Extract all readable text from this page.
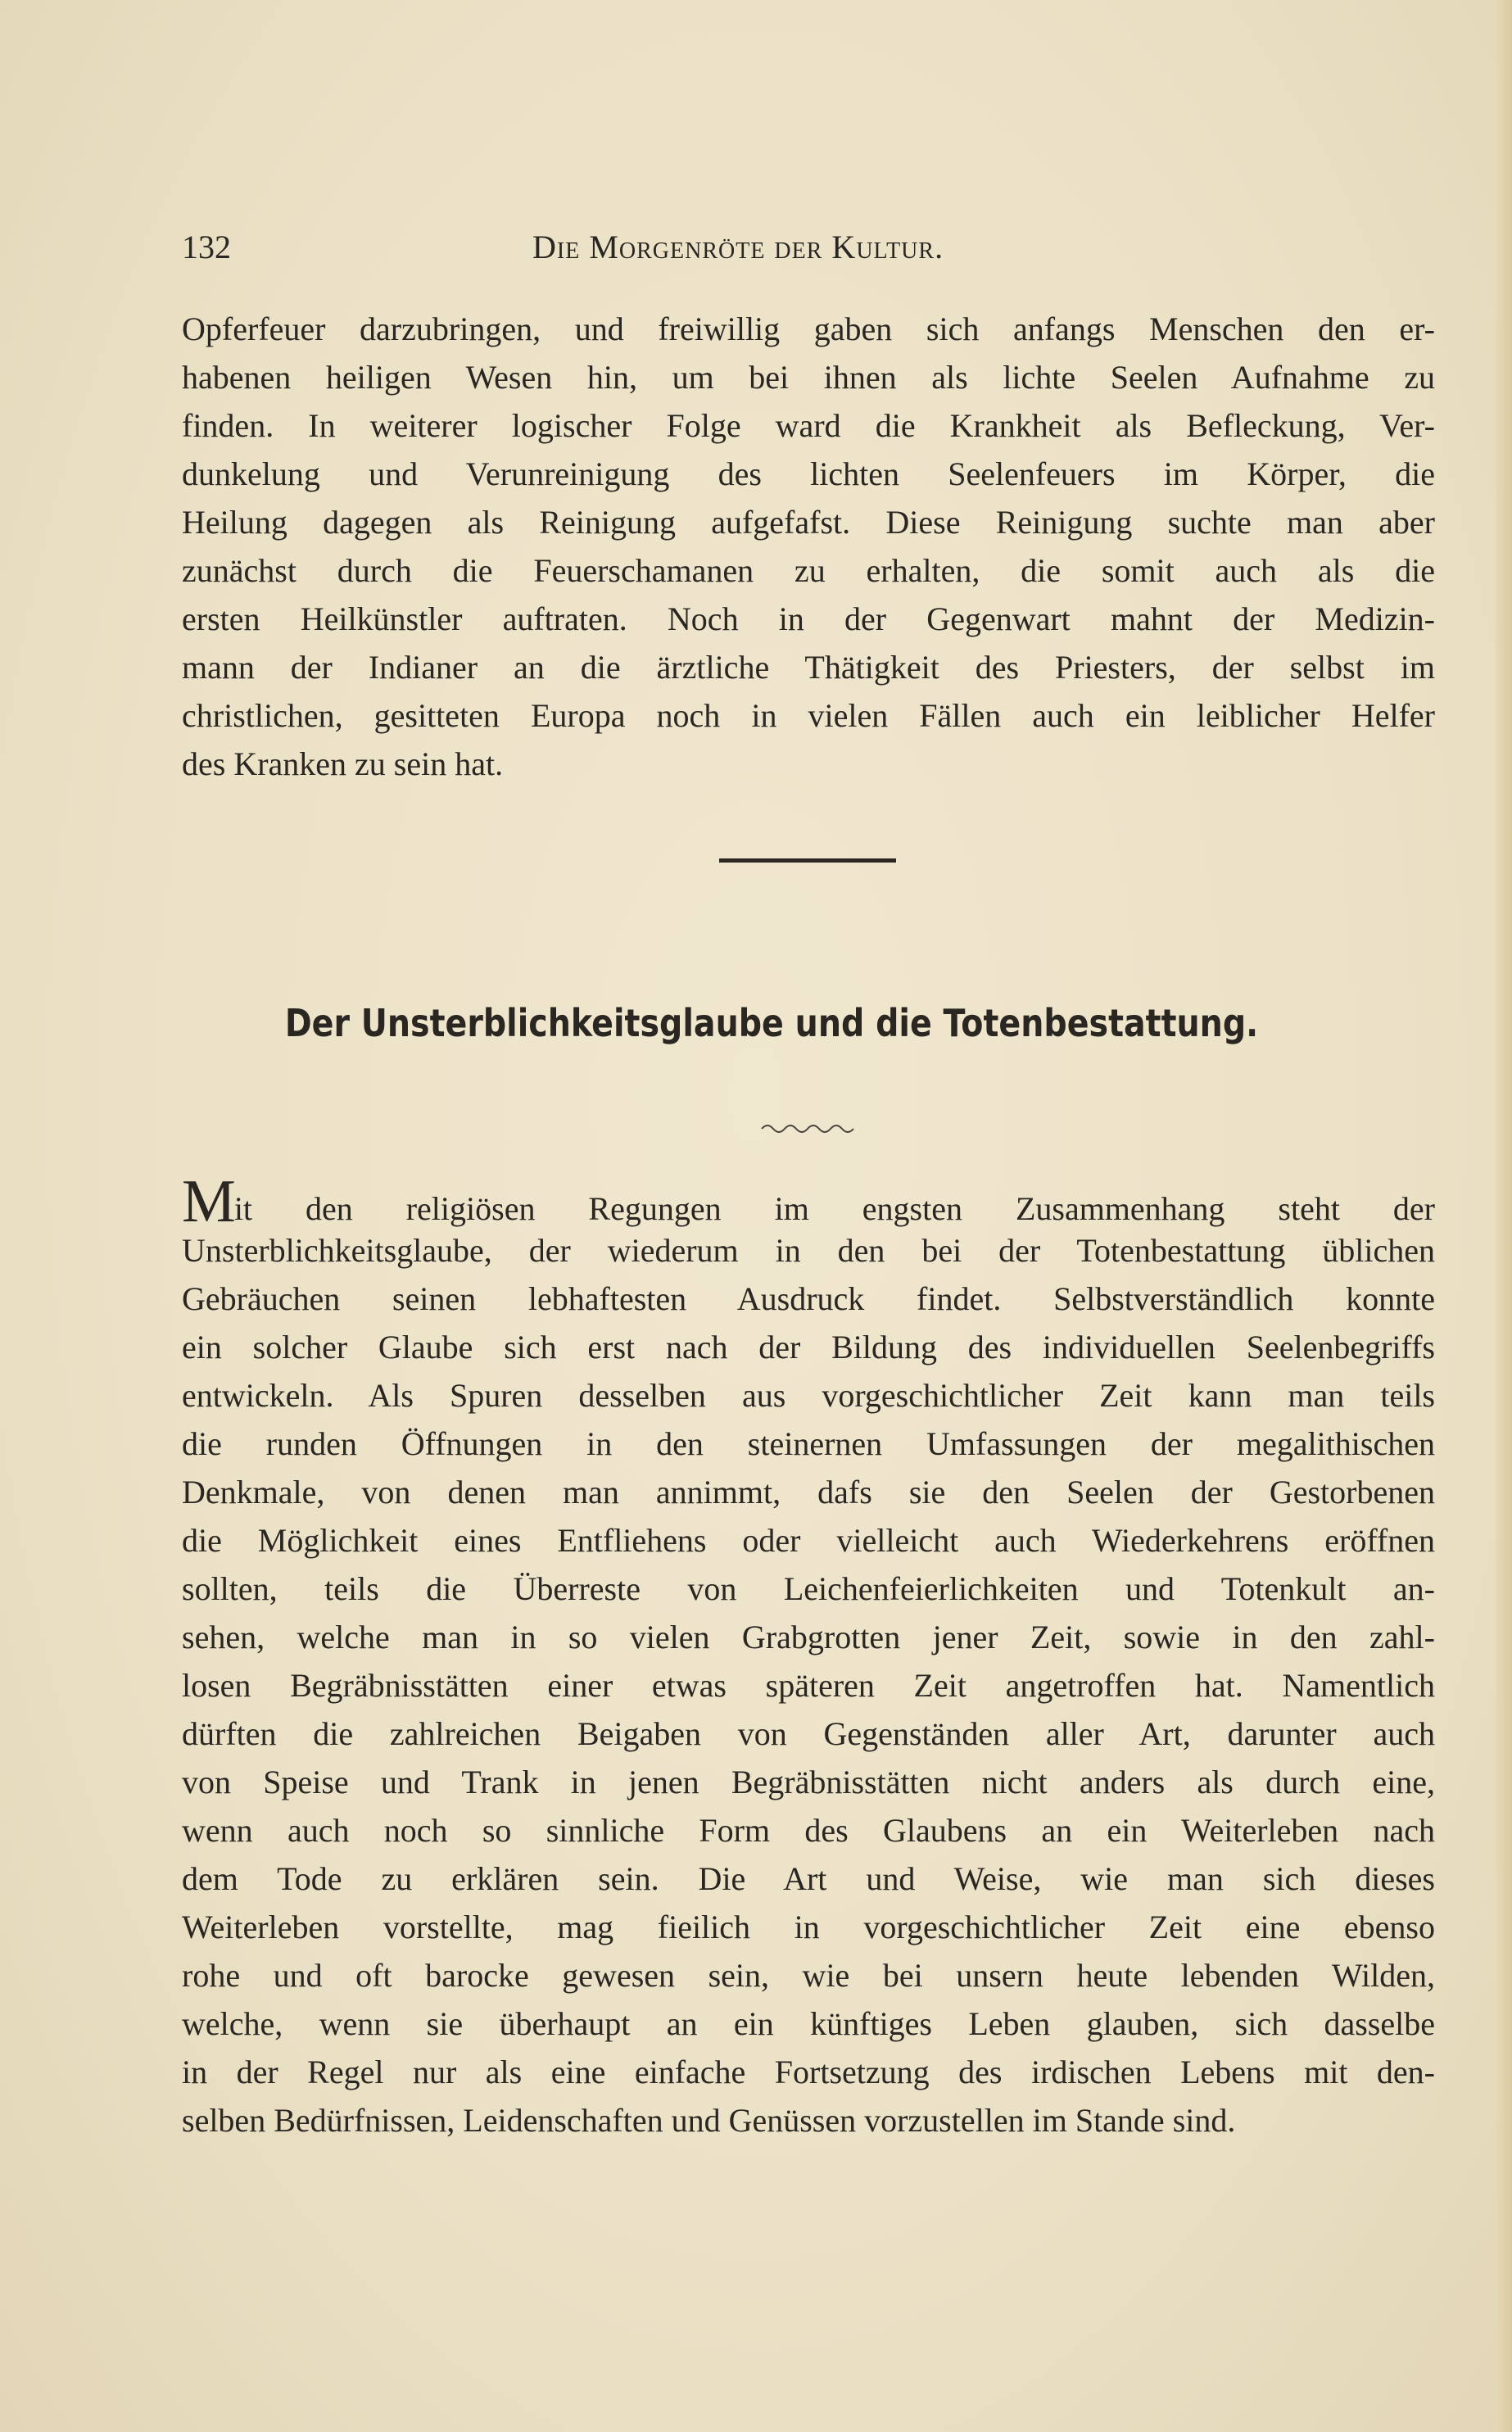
132	Die Morgenröte der Kultur.
Opferfeuer darzubringen, und freiwillig gaben sich anfangs Menschen den er-
habenen heiligen Wesen hin, um bei ihnen als lichte Seelen Aufnahme zu
finden. In weiterer logischer Folge ward die Krankheit als Befleckung, Ver-
dunkelung und Verunreinigung des lichten Seelenfeuers im Körper, die
Heilung dagegen als Reinigung aufgefafst. Diese Reinigung suchte man aber
zunächst durch die Feuerschamanen zu erhalten, die somit auch als die
ersten Heilkünstler auftraten. Noch in der Gegenwart mahnt der Medizin-
mann der Indianer an die ärztliche Thätigkeit des Priesters, der selbst im
christlichen, gesitteten Europa noch in vielen Fällen auch ein leiblicher Helfer
des Kranken zu sein hat.
Der Unsterblichkeitsglaube und die Totenbestattung.
Mit den religiösen Regungen im engsten Zusammenhang steht der
Unsterblichkeitsglaube, der wiederum in den bei der Totenbestattung üblichen
Gebräuchen seinen lebhaftesten Ausdruck findet. Selbstverständlich konnte
ein solcher Glaube sich erst nach der Bildung des individuellen Seelenbegriffs
entwickeln. Als Spuren desselben aus vorgeschichtlicher Zeit kann man teils
die runden Öffnungen in den steinernen Umfassungen der megalithischen
Denkmale, von denen man annimmt, dafs sie den Seelen der Gestorbenen
die Möglichkeit eines Entfliehens oder vielleicht auch Wiederkehrens eröffnen
sollten, teils die Überreste von Leichenfeierlichkeiten und Totenkult an-
sehen, welche man in so vielen Grabgrotten jener Zeit, sowie in den zahl-
losen Begräbnisstätten einer etwas späteren Zeit angetroffen hat. Namentlich
dürften die zahlreichen Beigaben von Gegenständen aller Art, darunter auch
von Speise und Trank in jenen Begräbnisstätten nicht anders als durch eine,
wenn auch noch so sinnliche Form des Glaubens an ein Weiterleben nach
dem Tode zu erklären sein. Die Art und Weise, wie man sich dieses
Weiterleben vorstellte, mag fieilich in vorgeschichtlicher Zeit eine ebenso
rohe und oft barocke gewesen sein, wie bei unsern heute lebenden Wilden,
welche, wenn sie überhaupt an ein künftiges Leben glauben, sich dasselbe
in der Regel nur als eine einfache Fortsetzung des irdischen Lebens mit den-
selben Bedürfnissen, Leidenschaften und Genüssen vorzustellen im Stande sind.
